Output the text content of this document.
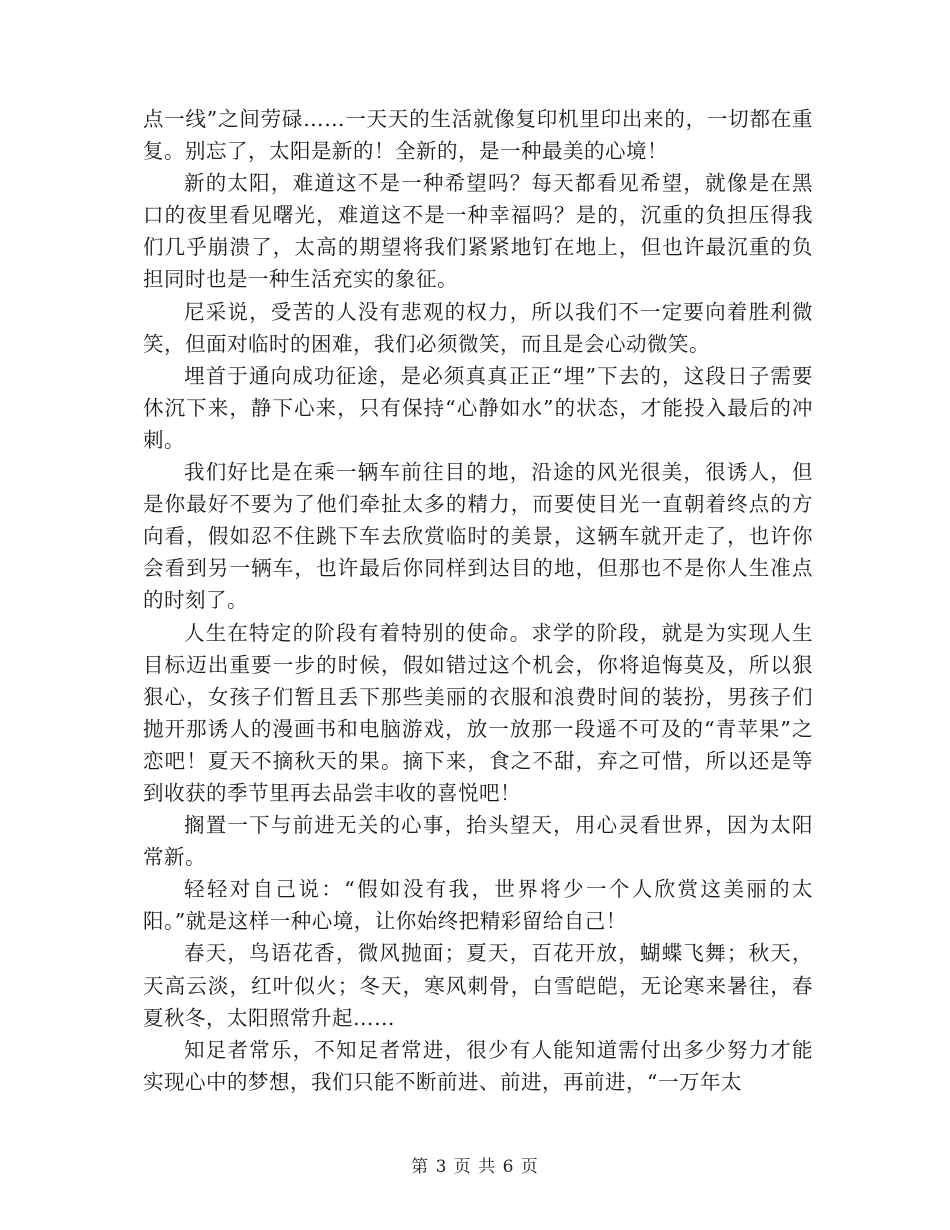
点一线”之间劳碌……一天天的生活就像复印机里印出来的，一切都在重复。别忘了，太阳是新的！全新的，是一种最美的心境！

新的太阳，难道这不是一种希望吗？每天都看见希望，就像是在黑口的夜里看见曙光，难道这不是一种幸福吗？是的，沉重的负担压得我们几乎崩溃了，太高的期望将我们紧紧地钉在地上，但也许最沉重的负担同时也是一种生活充实的象征。

尼采说，受苦的人没有悲观的权力，所以我们不一定要向着胜利微笑，但面对临时的困难，我们必须微笑，而且是会心动微笑。

埋首于通向成功征途，是必须真真正正“埋”下去的，这段日子需要休沉下来，静下心来，只有保持“心静如水”的状态，才能投入最后的冲刺。

我们好比是在乘一辆车前往目的地，沿途的风光很美，很诱人，但是你最好不要为了他们牵扯太多的精力，而要使目光一直朝着终点的方向看，假如忍不住跳下车去欣赏临时的美景，这辆车就开走了，也许你会看到另一辆车，也许最后你同样到达目的地，但那也不是你人生准点的时刻了。

人生在特定的阶段有着特别的使命。求学的阶段，就是为实现人生目标迈出重要一步的时候，假如错过这个机会，你将追悔莫及，所以狠狠心，女孩子们暂且丢下那些美丽的衣服和浪费时间的装扮，男孩子们抛开那诱人的漫画书和电脑游戏，放一放那一段遥不可及的“青苹果”之恋吧！夏天不摘秋天的果。摘下来，食之不甜，弃之可惜，所以还是等到收获的季节里再去品尝丰收的喜悦吧！

搁置一下与前进无关的心事，抬头望天，用心灵看世界，因为太阳常新。

轻轻对自己说：“假如没有我，世界将少一个人欣赏这美丽的太阳。”就是这样一种心境，让你始终把精彩留给自己！

春天，鸟语花香，微风抛面；夏天，百花开放，蝴蝶飞舞；秋天，天高云淡，红叶似火；冬天，寒风刺骨，白雪皑皑，无论寒来暑往，春夏秋冬，太阳照常升起……

知足者常乐，不知足者常进，很少有人能知道需付出多少努力才能实现心中的梦想，我们只能不断前进、前进，再前进，“一万年太

第 3 页 共 6 页
